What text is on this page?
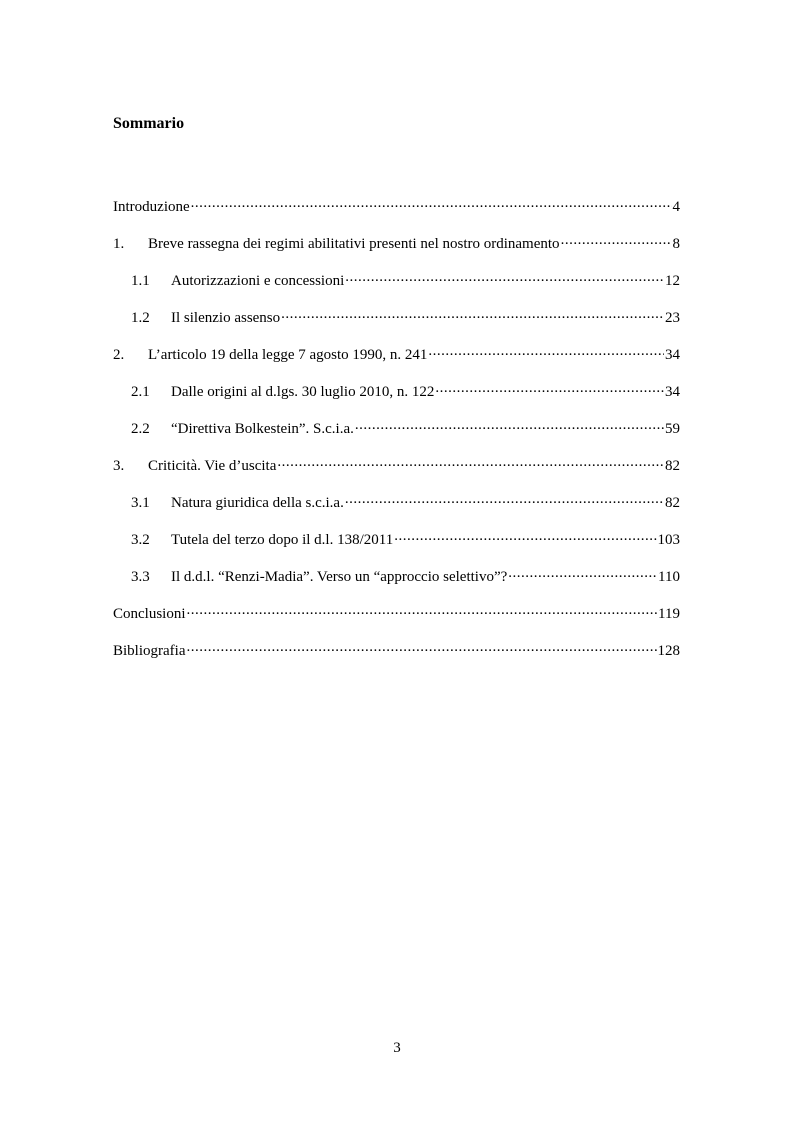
Sommario
Introduzione .....	4
1.	Breve rassegna dei regimi abilitativi presenti nel nostro ordinamento .....	8
1.1	Autorizzazioni e concessioni .....	12
1.2	Il silenzio assenso .....	23
2.	L’articolo 19 della legge 7 agosto 1990, n. 241 .....	34
2.1	Dalle origini al d.lgs. 30 luglio 2010, n. 122 .....	34
2.2	“Direttiva Bolkestein”. S.c.i.a. .....	59
3.	Criticità. Vie d’uscita .....	82
3.1	Natura giuridica della s.c.i.a. .....	82
3.2	Tutela del terzo dopo il d.l. 138/2011 .....	103
3.3	Il d.d.l. “Renzi-Madia”. Verso un “approccio selettivo”? .....	110
Conclusioni .....	119
Bibliografia .....	128
3
